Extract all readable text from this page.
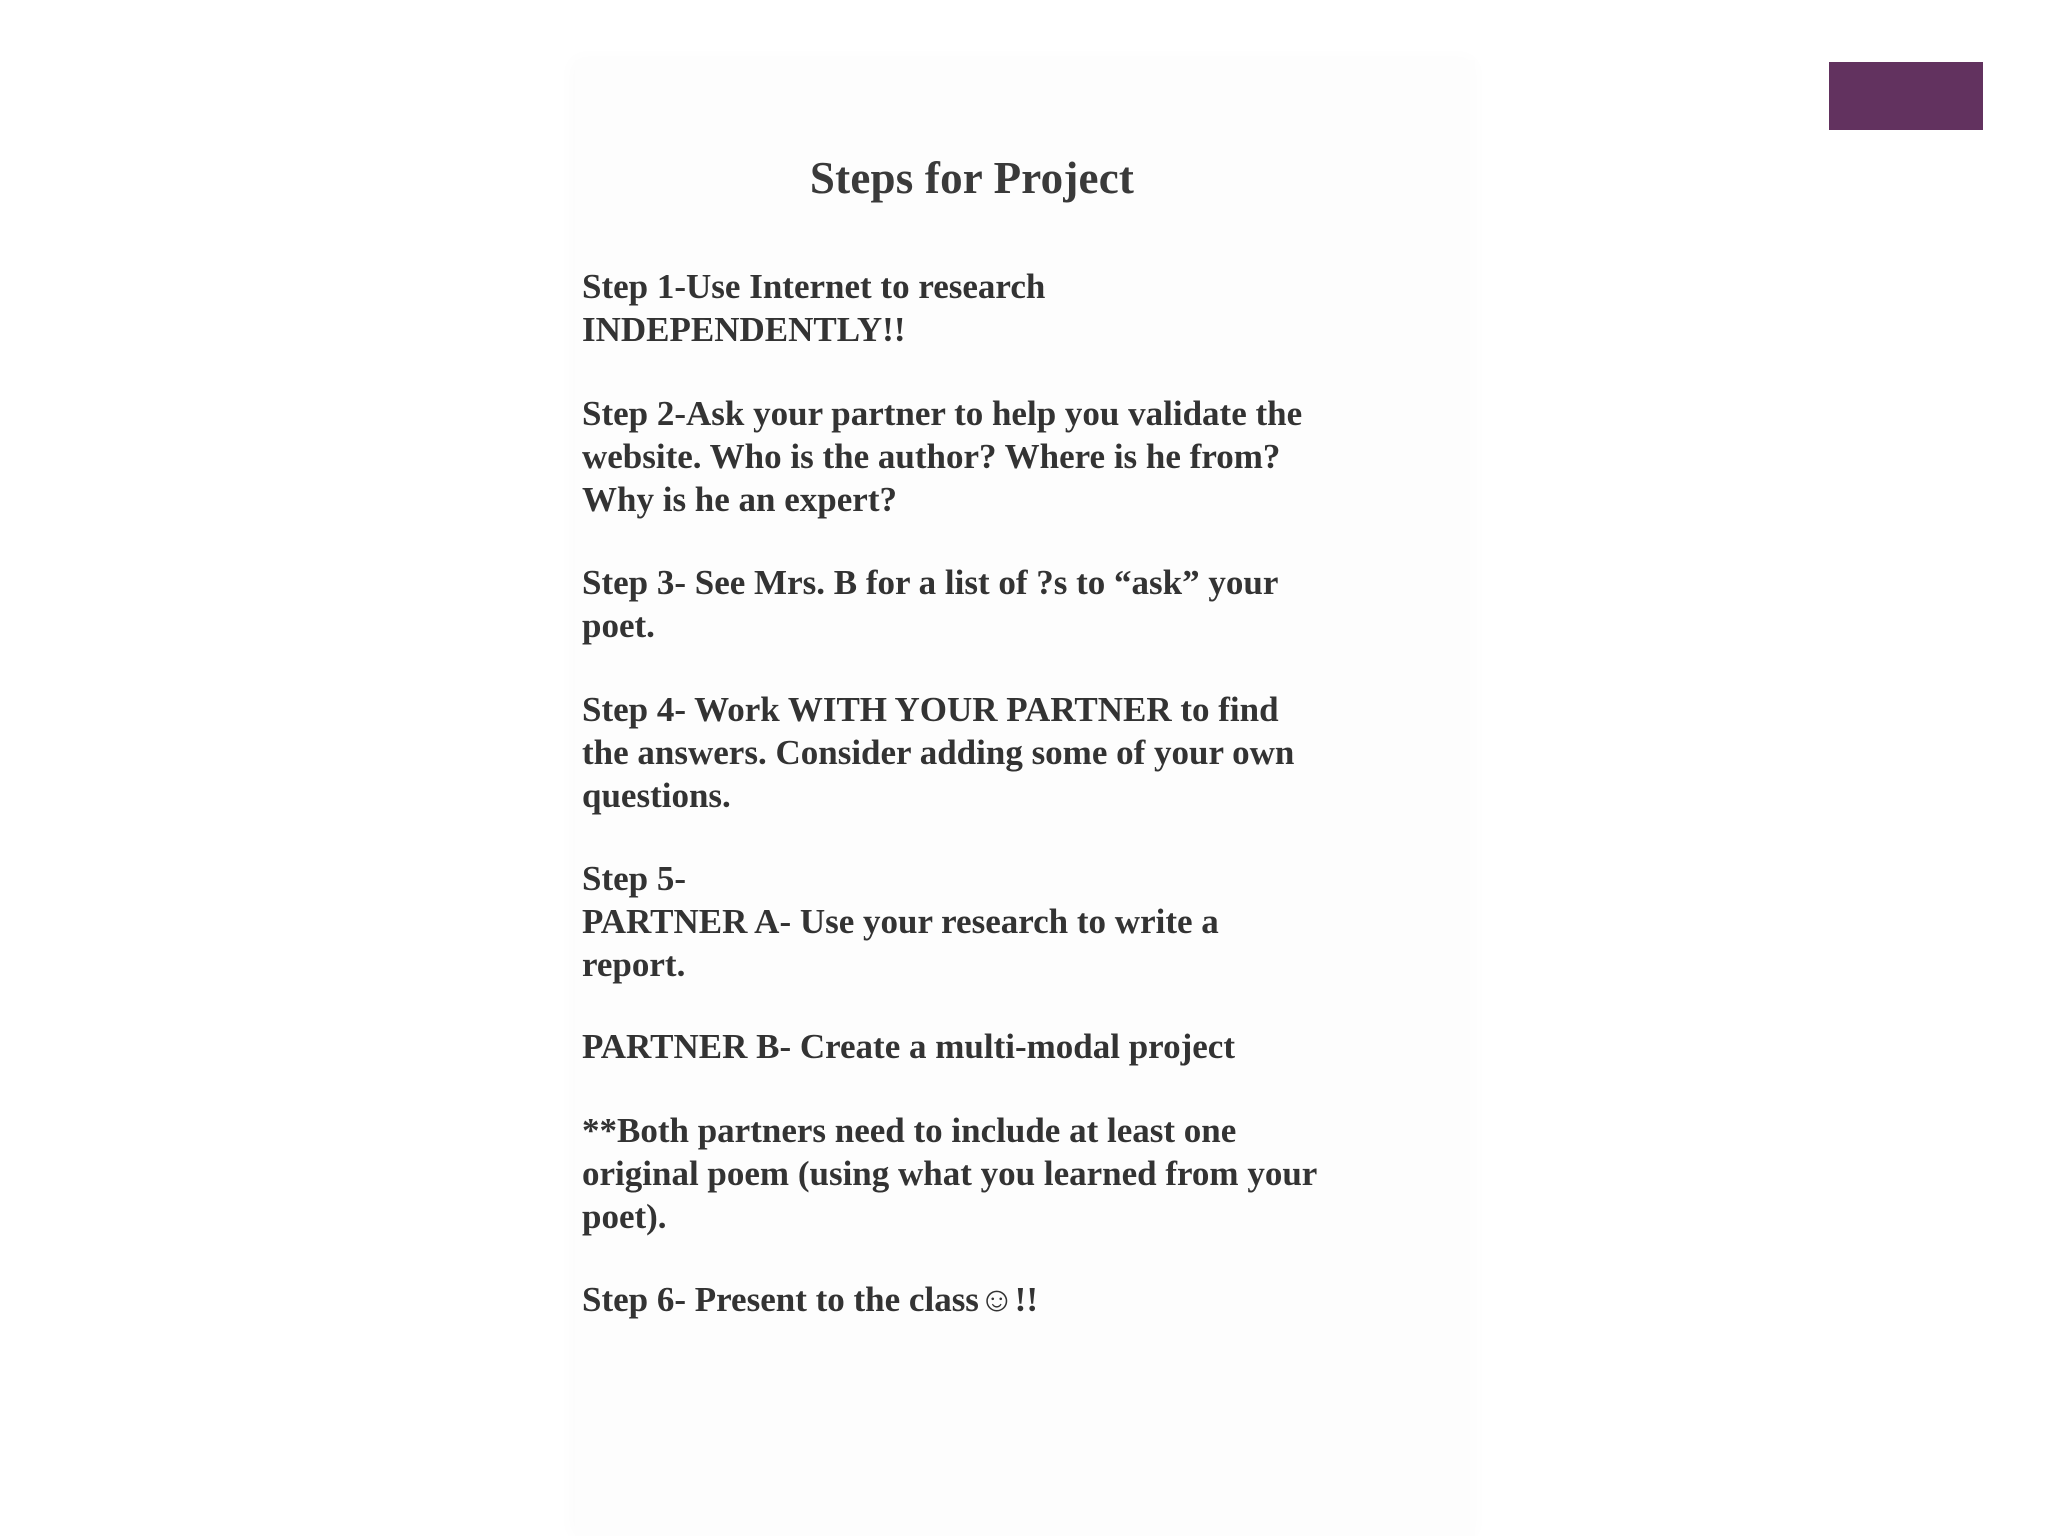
Steps for Project
Step 1-Use Internet to research
INDEPENDENTLY!!
Step 2-Ask your partner to help you validate the
website. Who is the author? Where is he from?
Why is he an expert?
Step 3- See Mrs. B for a list of ?s to “ask” your
poet.
Step 4- Work WITH YOUR PARTNER to find
the answers. Consider adding some of your own
questions.
Step 5-
PARTNER A- Use your research to write a
report.
PARTNER B- Create a multi-modal project
**Both partners need to include at least one
original poem (using what you learned from your
poet).
Step 6- Present to the class☺!!
